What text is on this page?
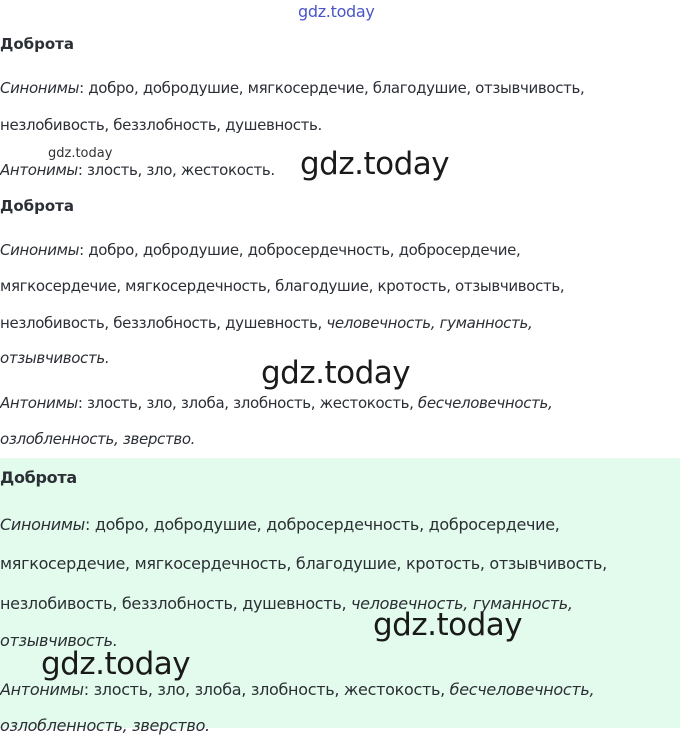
gdz.today
Доброта
Синонимы: добро, добродушие, мягкосердечие, благодушие, отзывчивость,
незлобивость, беззлобность, душевность.
Антонимы: злость, зло, жестокость.
Доброта
Синонимы: добро, добродушие, добросердечность, добросердечие,
мягкосердечие, мягкосердечность, благодушие, кротость, отзывчивость,
незлобивость, беззлобность, душевность, человечность, гуманность,
отзывчивость.
Антонимы: злость, зло, злоба, злобность, жестокость, бесчеловечность,
озлобленность, зверство.
Доброта
Синонимы: добро, добродушие, добросердечность, добросердечие,
мягкосердечие, мягкосердечность, благодушие, кротость, отзывчивость,
незлобивость, беззлобность, душевность, человечность, гуманность,
отзывчивость.
Антонимы: злость, зло, злоба, злобность, жестокость, бесчеловечность,
озлобленность, зверство.
gdz.today	gdz.today
gdz.today
gdz.today
gdz.today
